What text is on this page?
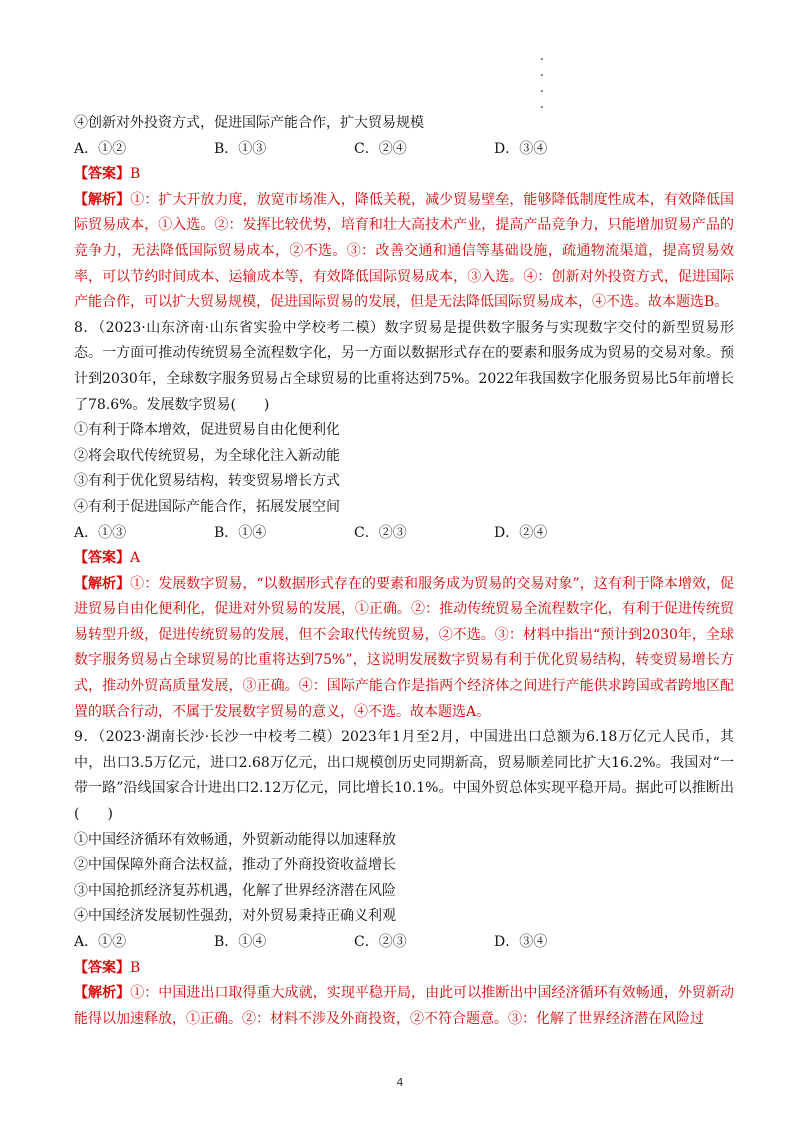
④创新对外投资方式，促进国际产能合作，扩大贸易规模
A．①②	B．①③	C．②④	D．③④
【答案】B
【解析】①：扩大开放力度，放宽市场准入，降低关税，减少贸易壁垒，能够降低制度性成本，有效降低国际贸易成本，①入选。②：发挥比较优势，培育和壮大高技术产业，提高产品竞争力，只能增加贸易产品的竞争力，无法降低国际贸易成本，②不选。③：改善交通和通信等基础设施，疏通物流渠道，提高贸易效率，可以节约时间成本、运输成本等，有效降低国际贸易成本，③入选。④：创新对外投资方式，促进国际产能合作，可以扩大贸易规模，促进国际贸易的发展，但是无法降低国际贸易成本，④不选。故本题选B。
8．（2023·山东济南·山东省实验中学校考二模）数字贸易是提供数字服务与实现数字交付的新型贸易形态。一方面可推动传统贸易全流程数字化，另一方面以数据形式存在的要素和服务成为贸易的交易对象。预计到2030年，全球数字服务贸易占全球贸易的比重将达到75%。2022年我国数字化服务贸易比5年前增长了78.6%。发展数字贸易(　　)
①有利于降本增效，促进贸易自由化便利化
②将会取代传统贸易，为全球化注入新动能
③有利于优化贸易结构，转变贸易增长方式
④有利于促进国际产能合作，拓展发展空间
A．①③	B．①④	C．②③	D．②④
【答案】A
【解析】①：发展数字贸易，“以数据形式存在的要素和服务成为贸易的交易对象”，这有利于降本增效，促进贸易自由化便利化，促进对外贸易的发展，①正确。②：推动传统贸易全流程数字化，有利于促进传统贸易转型升级，促进传统贸易的发展，但不会取代传统贸易，②不选。③：材料中指出“预计到2030年，全球数字服务贸易占全球贸易的比重将达到75%”，这说明发展数字贸易有利于优化贸易结构，转变贸易增长方式，推动外贸高质量发展，③正确。④：国际产能合作是指两个经济体之间进行产能供求跨国或者跨地区配置的联合行动，不属于发展数字贸易的意义，④不选。故本题选A。
9．（2023·湖南长沙·长沙一中校考二模）2023年1月至2月，中国进出口总额为6.18万亿元人民币，其中，出口3.5万亿元，进口2.68万亿元，出口规模创历史同期新高，贸易顺差同比扩大16.2%。我国对“一带一路”沿线国家合计进出口2.12万亿元，同比增长10.1%。中国外贸总体实现平稳开局。据此可以推断出(　　)
①中国经济循环有效畅通，外贸新动能得以加速释放
②中国保障外商合法权益，推动了外商投资收益增长
③中国抢抓经济复苏机遇，化解了世界经济潜在风险
④中国经济发展韧性强劲，对外贸易秉持正确义利观
A．①②	B．①④	C．②③	D．③④
【答案】B
【解析】①：中国进出口取得重大成就，实现平稳开局，由此可以推断出中国经济循环有效畅通，外贸新动能得以加速释放，①正确。②：材料不涉及外商投资，②不符合题意。③：化解了世界经济潜在风险过
4
